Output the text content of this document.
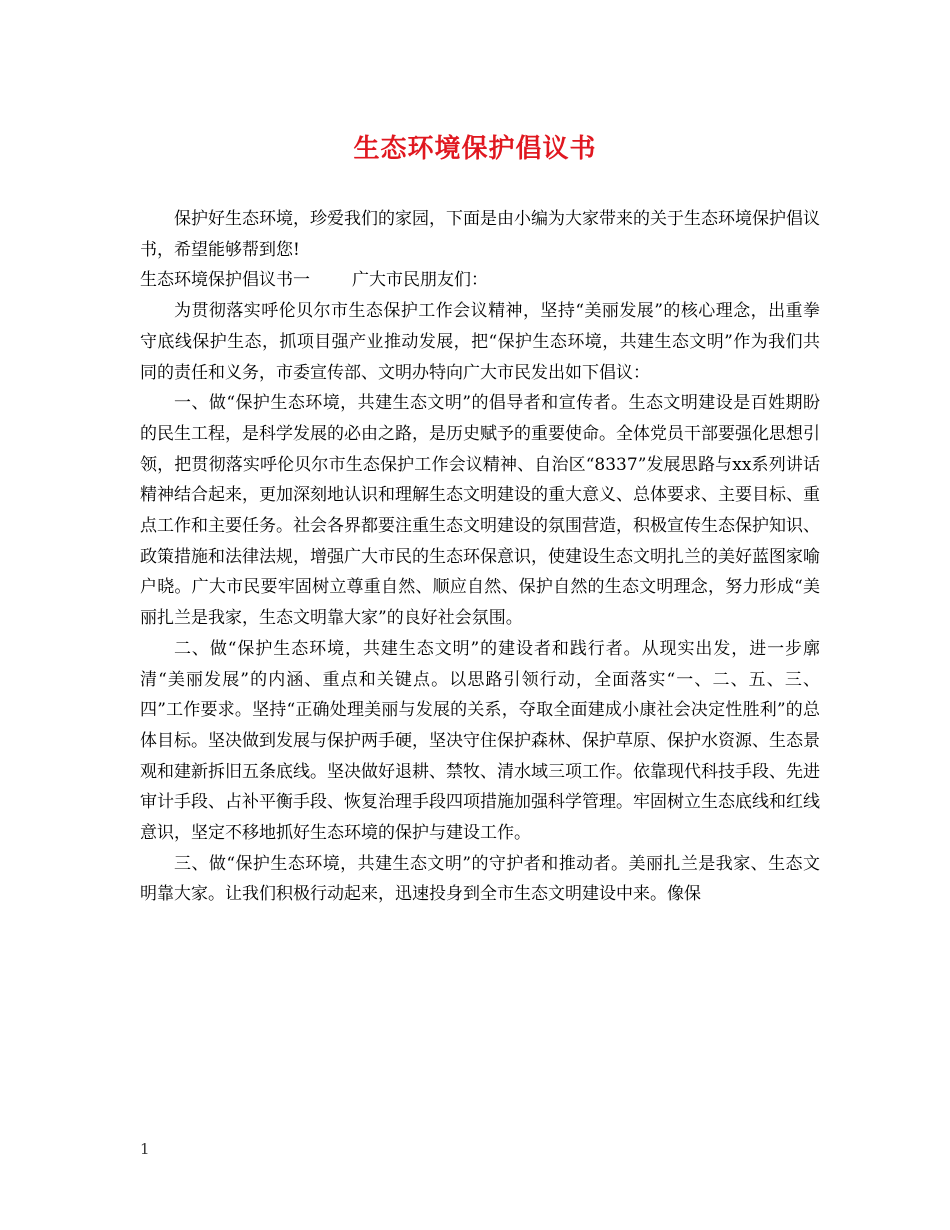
生态环境保护倡议书

保护好生态环境，珍爱我们的家园，下面是由小编为大家带来的关于生态环境保护倡议书，希望能够帮到您!

生态环境保护倡议书一 广大市民朋友们：

为贯彻落实呼伦贝尔市生态保护工作会议精神，坚持“美丽发展”的核心理念，出重拳守底线保护生态，抓项目强产业推动发展，把“保护生态环境，共建生态文明”作为我们共同的责任和义务，市委宣传部、文明办特向广大市民发出如下倡议：

一、做“保护生态环境，共建生态文明”的倡导者和宣传者。生态文明建设是百姓期盼的民生工程，是科学发展的必由之路，是历史赋予的重要使命。全体党员干部要强化思想引领，把贯彻落实呼伦贝尔市生态保护工作会议精神、自治区“8337”发展思路与xx系列讲话精神结合起来，更加深刻地认识和理解生态文明建设的重大意义、总体要求、主要目标、重点工作和主要任务。社会各界都要注重生态文明建设的氛围营造，积极宣传生态保护知识、政策措施和法律法规，增强广大市民的生态环保意识，使建设生态文明扎兰的美好蓝图家喻户晓。广大市民要牢固树立尊重自然、顺应自然、保护自然的生态文明理念，努力形成“美丽扎兰是我家，生态文明靠大家”的良好社会氛围。

二、做“保护生态环境，共建生态文明”的建设者和践行者。从现实出发，进一步廓清“美丽发展”的内涵、重点和关键点。以思路引领行动，全面落实“一、二、五、三、四”工作要求。坚持“正确处理美丽与发展的关系，夺取全面建成小康社会决定性胜利”的总体目标。坚决做到发展与保护两手硬，坚决守住保护森林、保护草原、保护水资源、生态景观和建新拆旧五条底线。坚决做好退耕、禁牧、清水域三项工作。依靠现代科技手段、先进审计手段、占补平衡手段、恢复治理手段四项措施加强科学管理。牢固树立生态底线和红线意识，坚定不移地抓好生态环境的保护与建设工作。

三、做“保护生态环境，共建生态文明”的守护者和推动者。美丽扎兰是我家、生态文明靠大家。让我们积极行动起来，迅速投身到全市生态文明建设中来。像保

1
